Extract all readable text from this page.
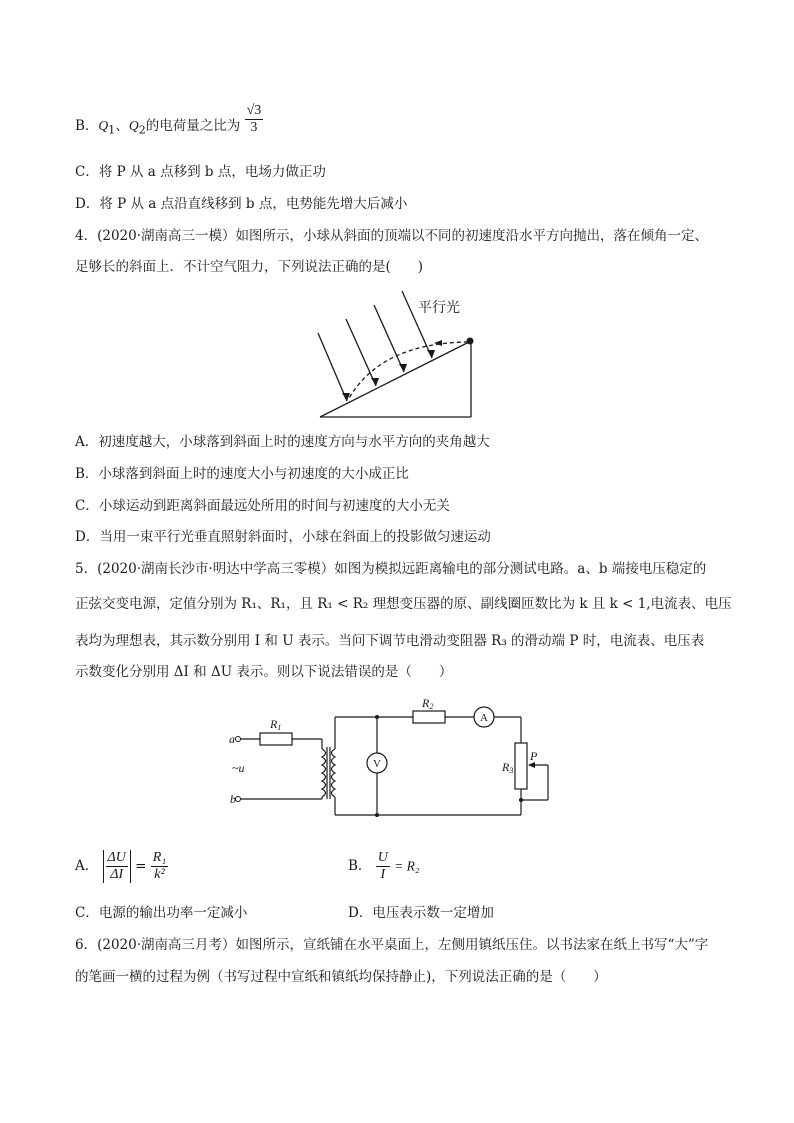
B．$Q_1$、$Q_2$的电荷量之比为 $\frac{√3}{3}$
C．将 P 从 a 点移到 b 点，电场力做正功
D．将 P 从 a 点沿直线移到 b 点，电势能先增大后减小
4．(2020·湖南高三一模）如图所示，小球从斜面的顶端以不同的初速度沿水平方向抛出，落在倾角一定、
足够长的斜面上．不计空气阻力，下列说法正确的是(　　)
平行光
A．初速度越大，小球落到斜面上时的速度方向与水平方向的夹角越大
B．小球落到斜面上时的速度大小与初速度的大小成正比
C．小球运动到距离斜面最远处所用的时间与初速度的大小无关
D．当用一束平行光垂直照射斜面时，小球在斜面上的投影做匀速运动
5．(2020·湖南长沙市·明达中学高三零模）如图为模拟远距离输电的部分测试电路。a、b 端接电压稳定的
正弦交变电源，定值分别为 R₁、R₁，且 R₁ < R₂ 理想变压器的原、副线圈匝数比为 k 且 k < 1,电流表、电压
表均为理想表，其示数分别用 I 和 U 表示。当问下调节电滑动变阻器 R₃ 的滑动端 P 时，电流表、电压表
示数变化分别用 ΔI 和 ΔU 表示。则以下说法错误的是（　　）
a
b
~u
R1
R2
R3
P
V
A
A． $\frac{\Delta U}{\Delta I} = \frac{\text{R₁}}{\text{k²}}$	B． $\frac{U}{I} = R_2$
C．电源的输出功率一定减小	D．电压表示数一定增加
6．(2020·湖南高三月考）如图所示，宣纸铺在水平桌面上，左侧用镇纸压住。以书法家在纸上书写“大”字
的笔画一横的过程为例（书写过程中宣纸和镇纸均保持静止)，下列说法正确的是（　　）
